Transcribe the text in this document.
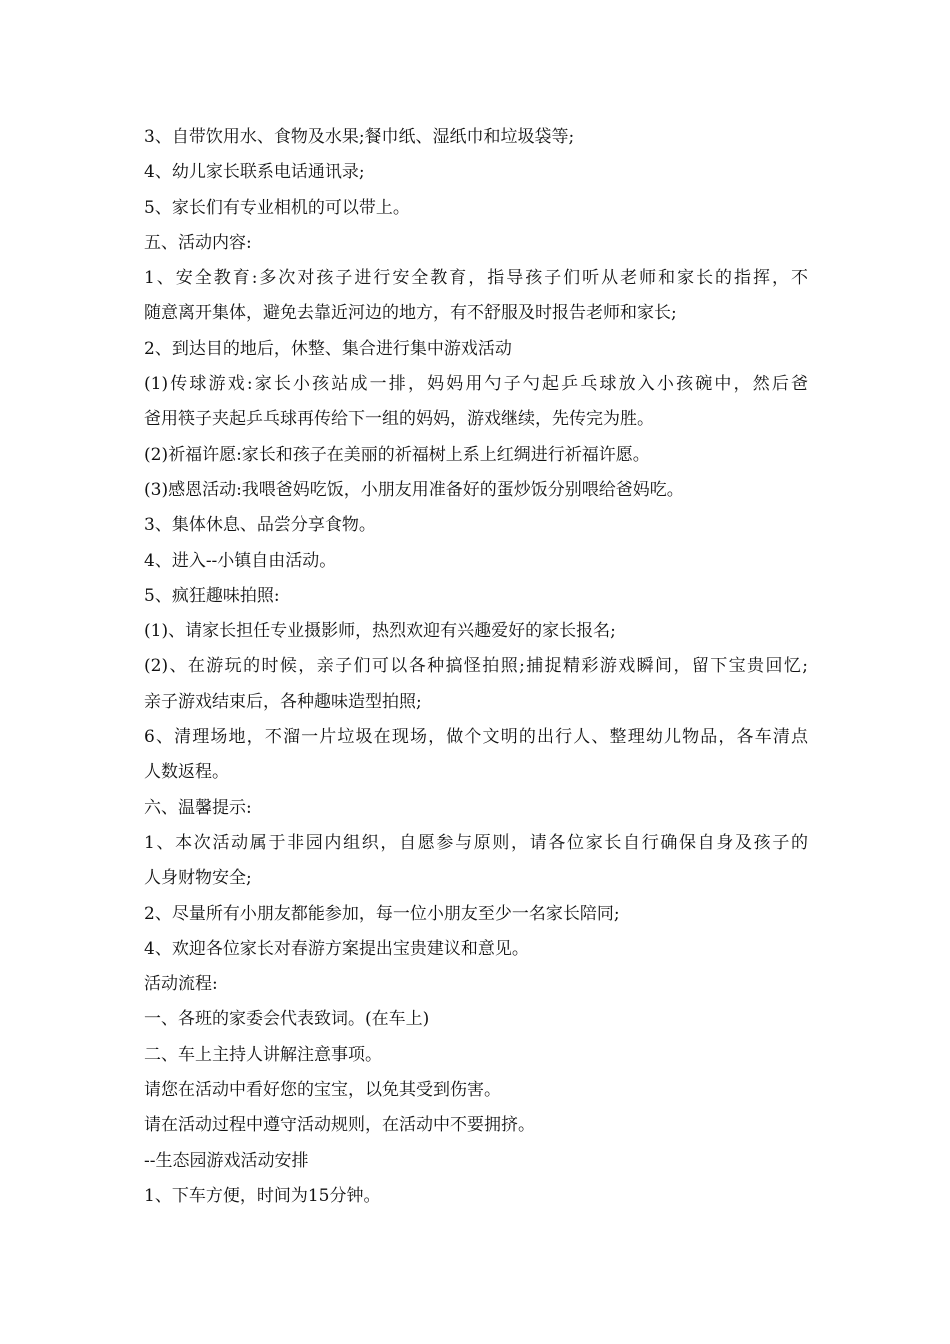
3、自带饮用水、食物及水果;餐巾纸、湿纸巾和垃圾袋等;
4、幼儿家长联系电话通讯录;
5、家长们有专业相机的可以带上。
五、活动内容:
1、安全教育:多次对孩子进行安全教育，指导孩子们听从老师和家长的指挥，不
随意离开集体，避免去靠近河边的地方，有不舒服及时报告老师和家长;
2、到达目的地后，休整、集合进行集中游戏活动
(1)传球游戏:家长小孩站成一排，妈妈用勺子勺起乒乓球放入小孩碗中，然后爸
爸用筷子夹起乒乓球再传给下一组的妈妈，游戏继续，先传完为胜。
(2)祈福许愿:家长和孩子在美丽的祈福树上系上红绸进行祈福许愿。
(3)感恩活动:我喂爸妈吃饭，小朋友用准备好的蛋炒饭分别喂给爸妈吃。
3、集体休息、品尝分享食物。
4、进入--小镇自由活动。
5、疯狂趣味拍照:
(1)、请家长担任专业摄影师，热烈欢迎有兴趣爱好的家长报名;
(2)、在游玩的时候，亲子们可以各种搞怪拍照;捕捉精彩游戏瞬间，留下宝贵回忆;
亲子游戏结束后，各种趣味造型拍照;
6、清理场地，不溜一片垃圾在现场，做个文明的出行人、整理幼儿物品，各车清点
人数返程。
六、温馨提示:
1、本次活动属于非园内组织，自愿参与原则，请各位家长自行确保自身及孩子的
人身财物安全;
2、尽量所有小朋友都能参加，每一位小朋友至少一名家长陪同;
4、欢迎各位家长对春游方案提出宝贵建议和意见。
活动流程:
一、各班的家委会代表致词。(在车上)
二、车上主持人讲解注意事项。
请您在活动中看好您的宝宝，以免其受到伤害。
请在活动过程中遵守活动规则，在活动中不要拥挤。
--生态园游戏活动安排
1、下车方便，时间为15分钟。
